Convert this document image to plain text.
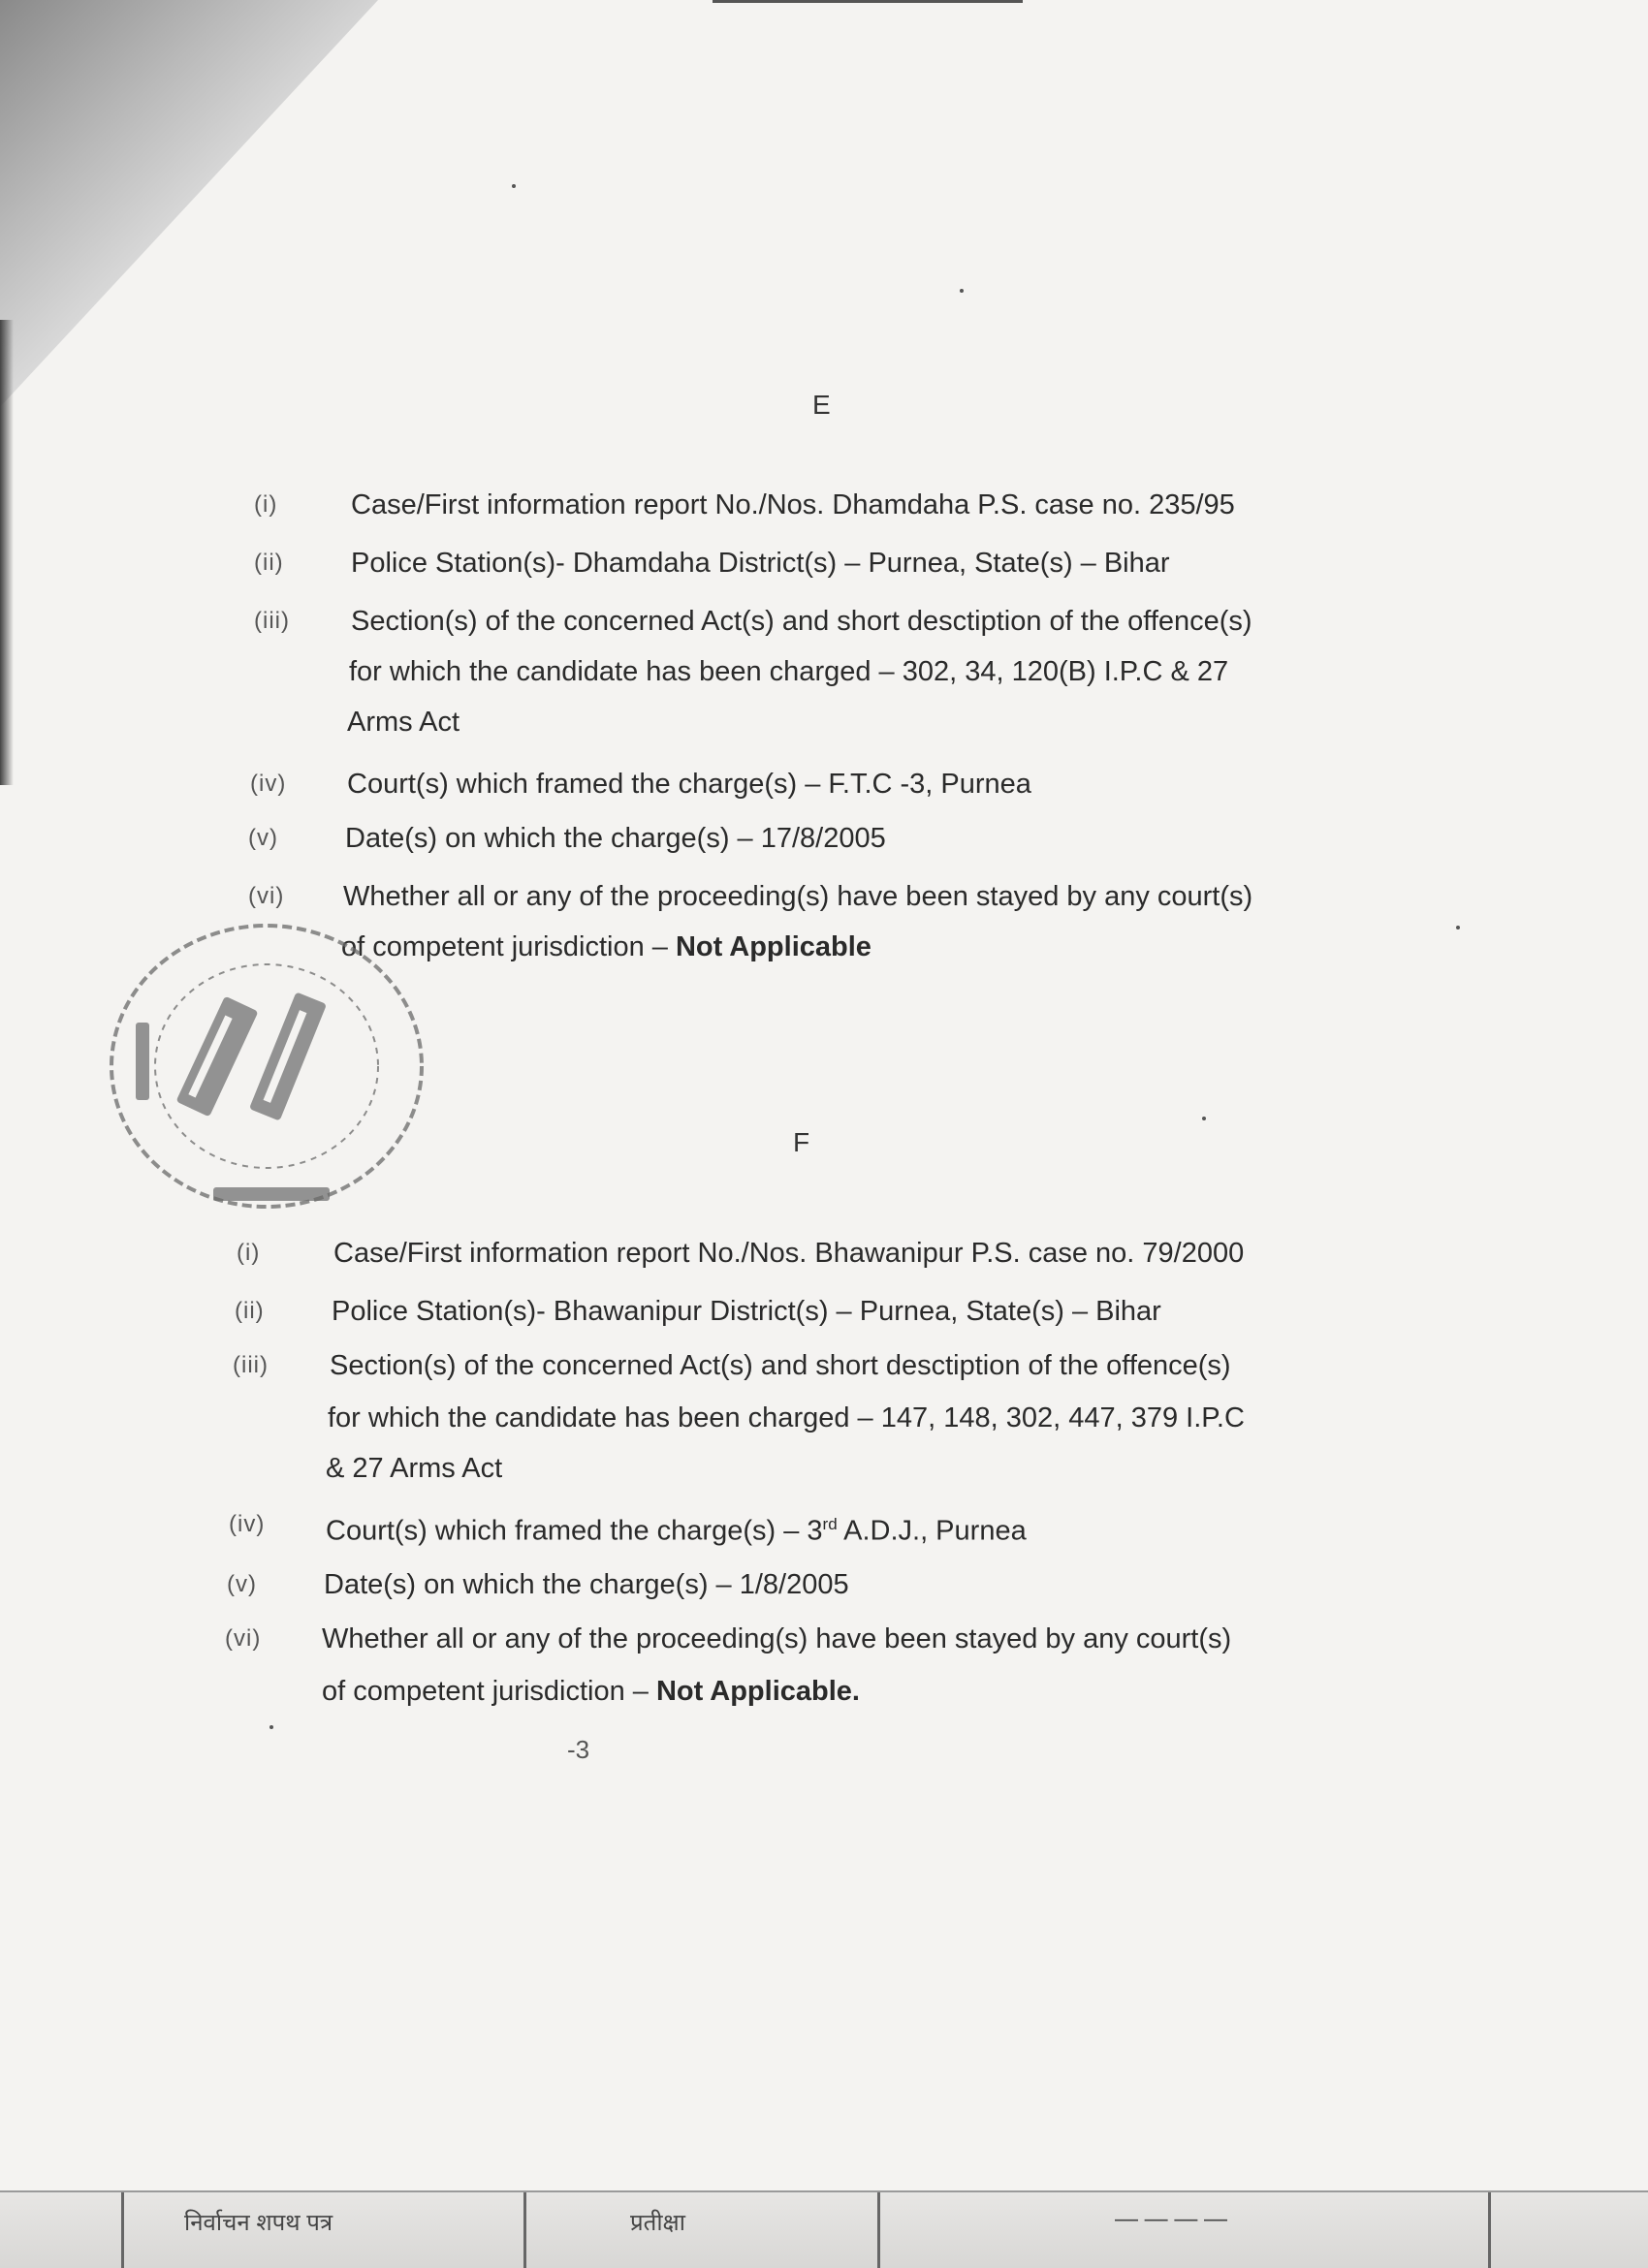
E
(i)	Case/First information report No./Nos. Dhamdaha P.S. case no. 235/95
(ii) Police Station(s)- Dhamdaha District(s) – Purnea, State(s) – Bihar
(iii) Section(s) of the concerned Act(s) and short desctiption of the offence(s)
for which the candidate has been charged – 302, 34, 120(B) I.P.C & 27
Arms Act
(iv) Court(s) which framed the charge(s) – F.T.C -3, Purnea
(v) Date(s) on which the charge(s) – 17/8/2005
(vi) Whether all or any of the proceeding(s) have been stayed by any court(s)
of competent jurisdiction – Not Applicable
F
(i)	Case/First information report No./Nos. Bhawanipur P.S. case no. 79/2000
(ii) Police Station(s)- Bhawanipur District(s) – Purnea, State(s) – Bihar
(iii) Section(s) of the concerned Act(s) and short desctiption of the offence(s)
for which the candidate has been charged – 147, 148, 302, 447, 379 I.P.C
& 27 Arms Act
(iv) Court(s) which framed the charge(s) – 3rd A.D.J., Purnea
(v) Date(s) on which the charge(s) – 1/8/2005
(vi) Whether all or any of the proceeding(s) have been stayed by any court(s)
of competent jurisdiction – Not Applicable.
-3
निर्वाचन शपथ पत्र	प्रतीक्षा	— — — —
